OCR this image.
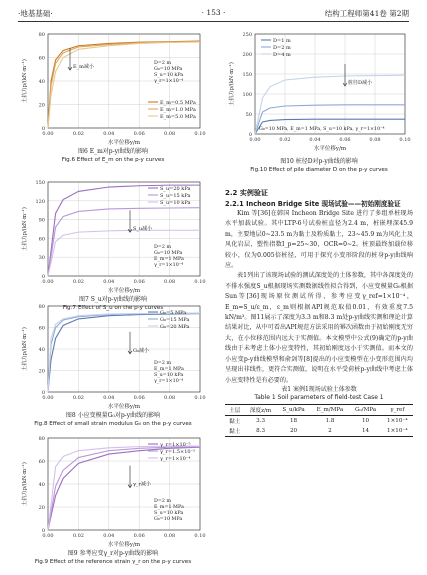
·地基基础·	· 153 ·	结构工程师第41卷 第2期
0
20
40
60
80
0.00	0.02	0.04	0.06	0.08	0.10
水平位移y/m
土抗力p/(kN·m⁻¹)
E_m=0.5 MPa
E_m=1.0 MPa
E_m=5.0 MPa
D=2 m
G₀=10 MPa
S_u=10 kPa
γ_r=1×10⁻⁴
E_m减小
图6 E_m对p-y曲线的影响
Fig.6 Effect of E_m on the p-y curves
0
30
60
90
120
150
0.00	0.02	0.04	0.06	0.08	0.10
水平位移y/m
土抗力p/(kN·m⁻¹)
S_u=20 kPa
S_u=15 kPa
S_u=10 kPa
D=2 m
G₀=10 MPa
E_m=1 MPa
γ_r=1×10⁻⁴
S_u减小
图7 S_u对p-y曲线的影响
Fig.7 Effect of S_u on the p-y curves
0
20
40
60
80
0.00	0.02	0.04	0.06	0.08	0.10
水平位移y/m
土抗力p/(kN·m⁻¹)
G₀=5 MPa
G₀=15 MPa
G₀=20 MPa
D=2 m
E_m=1 MPa
S_u=10 kPa
γ_r=1×10⁻⁴
G₀减小
图8 小应变模量G₀对p-y曲线的影响
Fig.8 Effect of small strain modulus G₀ on the p-y curves
0
20
40
60
80
0.00	0.02	0.04	0.06	0.08	0.10
水平位移y/m
土抗力p/(kN·m⁻¹)
γ_r=1×10⁻⁵
γ_r=1.5×10⁻⁵
γ_r=1×10⁻⁴
D=2 m
E_m=1 MPa
S_u=10 kPa
G₀=10 MPa
γ_r减小
图9 参考应变γ_r对p-y曲线的影响
Fig.9 Effect of the reference strain γ_r on the p-y curves
0
50
100
150
200
250
0.00	0.02	0.04	0.06	0.08	0.10
水平位移y/m
土抗力p/(kN·m⁻¹)
D=1 m
D=2 m
D=4 m
G₀=10 MPa, E_m=1 MPa, S_u=10 kPa, γ_r=1×10⁻⁴
桩径D减小
图10 桩径D对p-y曲线的影响
Fig.10 Effect of pile diameter D on the p-y curves
2.2 实例验证
2.2.1 Incheon Bridge Site 现场试验——初始刚度验证

Kim 等[36]在韩国 Incheon Bridge Site 进行了多组单桩现场水平加载试验。其中LTP-6号试验桩直径为2.4 m，桩嵌埋深45.9 m，主要地层0~23.5 m为黏土及粉质黏土，23~45.9 m为风化土及风化岩层，塑性指数I_p=25~30，OCR=0~2。桩顶最终加载位移较小，仅为0.005倍桩径，可用于探究小变形阶段的桩身p-y曲线响应。

表1列出了该现场试验的测试深度处的土体参数，其中各深度处的不排水强度S_u根据现场实测数据线性拟合得到，小应变模量G₀根据Sun等[36]现场原位测试所得，参考应变γ_ref=1×10⁻⁴，E_m=S_u/ε_m，ε_m则根据API规范取值0.01，有效重度7.5 kN/m³。图11展示了深度为3.3 m和8.3 m处p-y曲线实测和理论计算结果对比，从中可看出API规范方法采用的幂次函数由于初始刚度无穷大，在小位移范围内远大于实测值。本文模型中公式(9)确定的p-y曲线由于未考虑土体小应变特性，其初始刚度远小于实测值。而本文的小应变p-y曲线模型和俞剑等[8]提出的小应变模型在小变形范围内均呈现出非线性，更符合实测值，说明在水平受荷桩p-y曲线中考虑土体小应变特性是有必要的。

表1 案例1现场试验土体参数
Table 1 Soil parameters of field-test Case 1
土层	深度z/m	S_u/kPa	E_m/MPa	G₀/MPa	γ_ref
黏土	3.3	18	1.8	10	1×10⁻⁴
黏土	8.3	20	2	14	1×10⁻⁴
